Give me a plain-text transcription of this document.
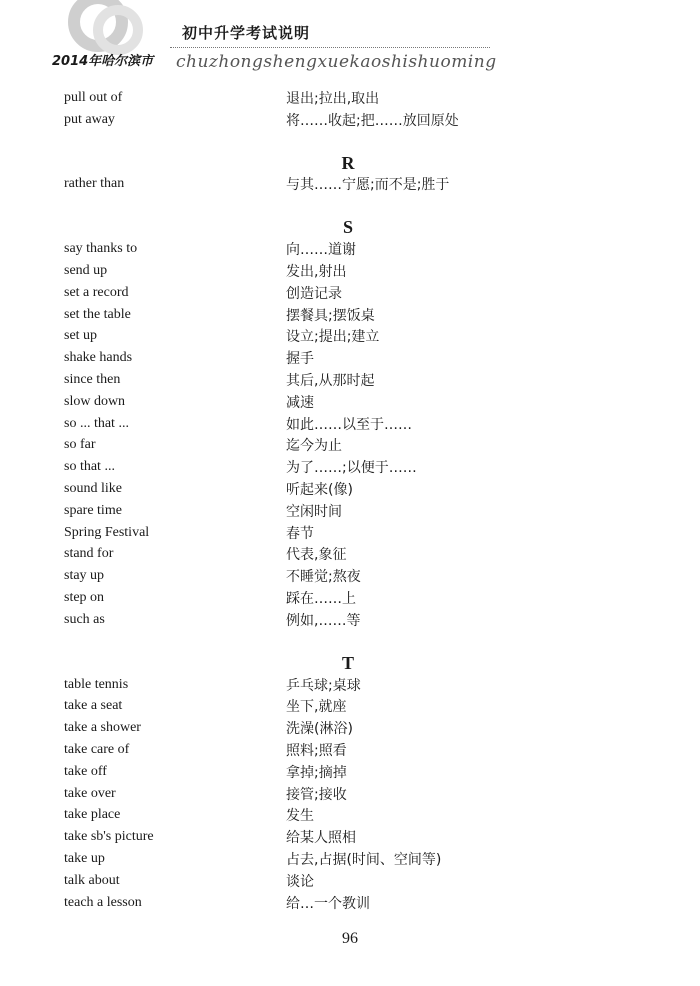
初中升学考试说明
2014年哈尔滨市 chuzhongshengxuekaoshishuoming
pull out of	退出;拉出,取出
put away	将……收起;把……放回原处
R
rather than	与其……宁愿;而不是;胜于
S
say thanks to	向……道谢
send up	发出,射出
set a record	创造记录
set the table	摆餐具;摆饭桌
set up	设立;提出;建立
shake hands	握手
since then	其后,从那时起
slow down	减速
so ... that ...	如此……以至于……
so far	迄今为止
so that ...	为了……;以便于……
sound like	听起来(像)
spare time	空闲时间
Spring Festival	春节
stand for	代表,象征
stay up	不睡觉;熬夜
step on	踩在……上
such as	例如,……等
T
table tennis	乒乓球;桌球
take a seat	坐下,就座
take a shower	洗澡(淋浴)
take care of	照料;照看
take off	拿掉;摘掉
take over	接管;接收
take place	发生
take sb's picture	给某人照相
take up	占去,占据(时间、空间等)
talk about	谈论
teach a lesson	给…一个教训
96
